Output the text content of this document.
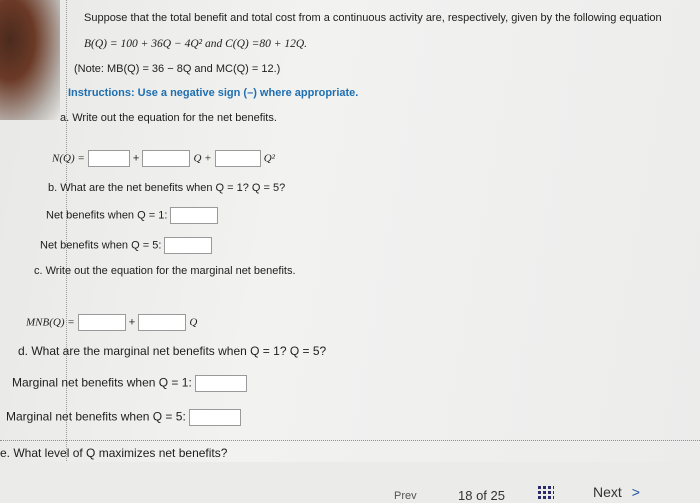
Suppose that the total benefit and total cost from a continuous activity are, respectively, given by the following equation
B(Q) = 100 + 36Q − 4Q² and C(Q) =80 + 12Q.
(Note: MB(Q) = 36 − 8Q and MC(Q) = 12.)
Instructions: Use a negative sign (–) where appropriate.
a. Write out the equation for the net benefits.
N(Q) =	+	Q +	Q²
b. What are the net benefits when Q = 1? Q = 5?
Net benefits when Q = 1:
Net benefits when Q = 5:
c. Write out the equation for the marginal net benefits.
MNB(Q) =	+	Q
d. What are the marginal net benefits when Q = 1? Q = 5?
Marginal net benefits when Q = 1:
Marginal net benefits when Q = 5:
e. What level of Q maximizes net benefits?
Prev	18 of 25	Next >
